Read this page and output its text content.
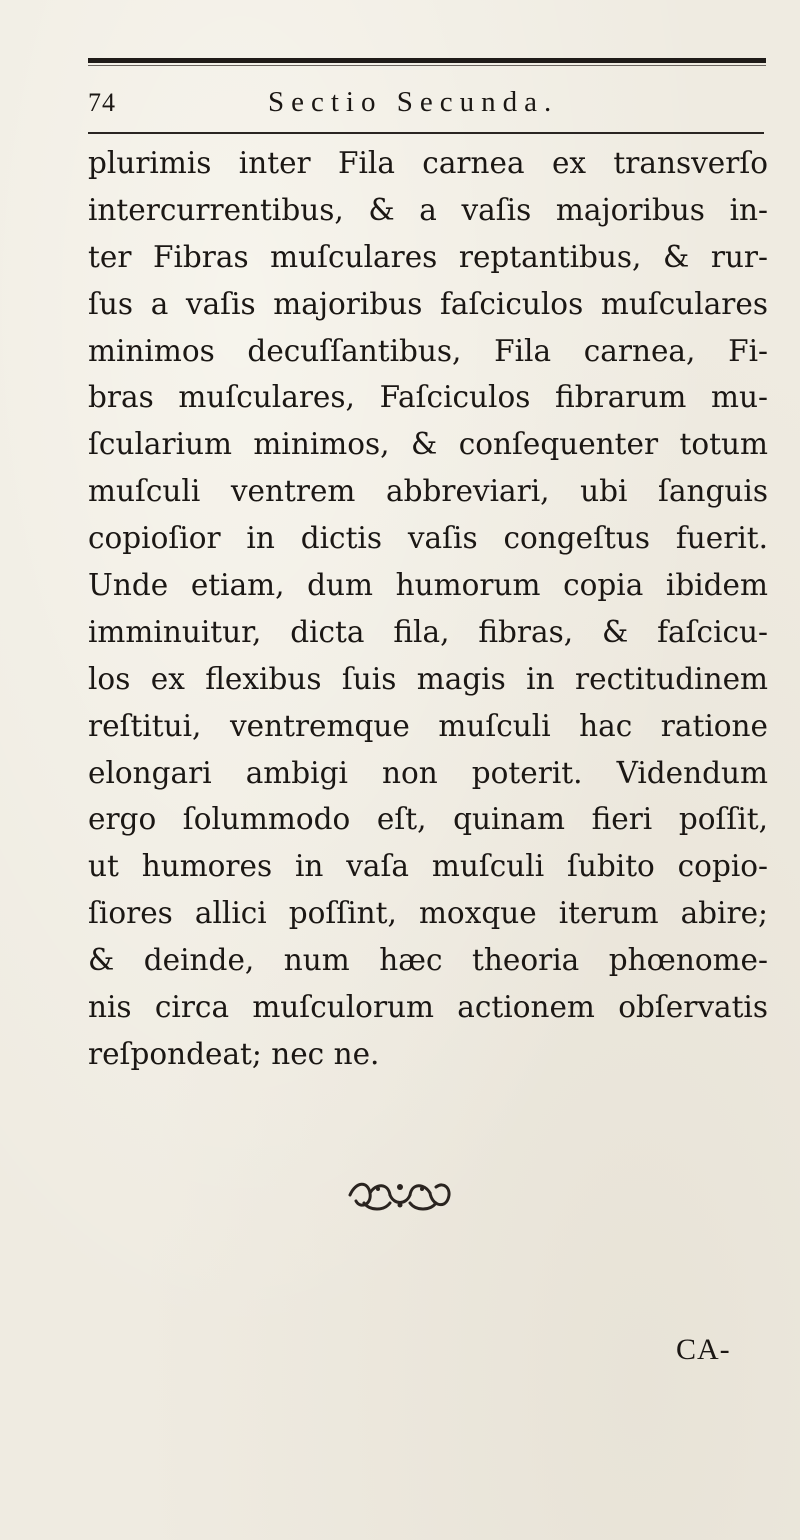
74	Sectio Secunda.
plurimis inter Fila carnea ex transverſo
intercurrentibus, & a vaſis majoribus in-
ter Fibras muſculares reptantibus, & rur-
ſus a vaſis majoribus faſciculos muſculares
minimos decuſſantibus, Fila carnea, Fi-
bras muſculares, Faſciculos fibrarum mu-
ſcularium minimos, & conſequenter totum
muſculi ventrem abbreviari, ubi ſanguis
copioſior in dictis vaſis congeſtus fuerit.
Unde etiam, dum humorum copia ibidem
imminuitur, dicta fila, fibras, & faſcicu-
los ex flexibus ſuis magis in rectitudinem
reſtitui, ventremque muſculi hac ratione
elongari ambigi non poterit. Videndum
ergo ſolummodo eſt, quinam fieri poſſit,
ut humores in vaſa muſculi ſubito copio-
ſiores allici poſſint, moxque iterum abire;
& deinde, num hæc theoria phœnome-
nis circa muſculorum actionem obſervatis
reſpondeat; nec ne.
CA-
